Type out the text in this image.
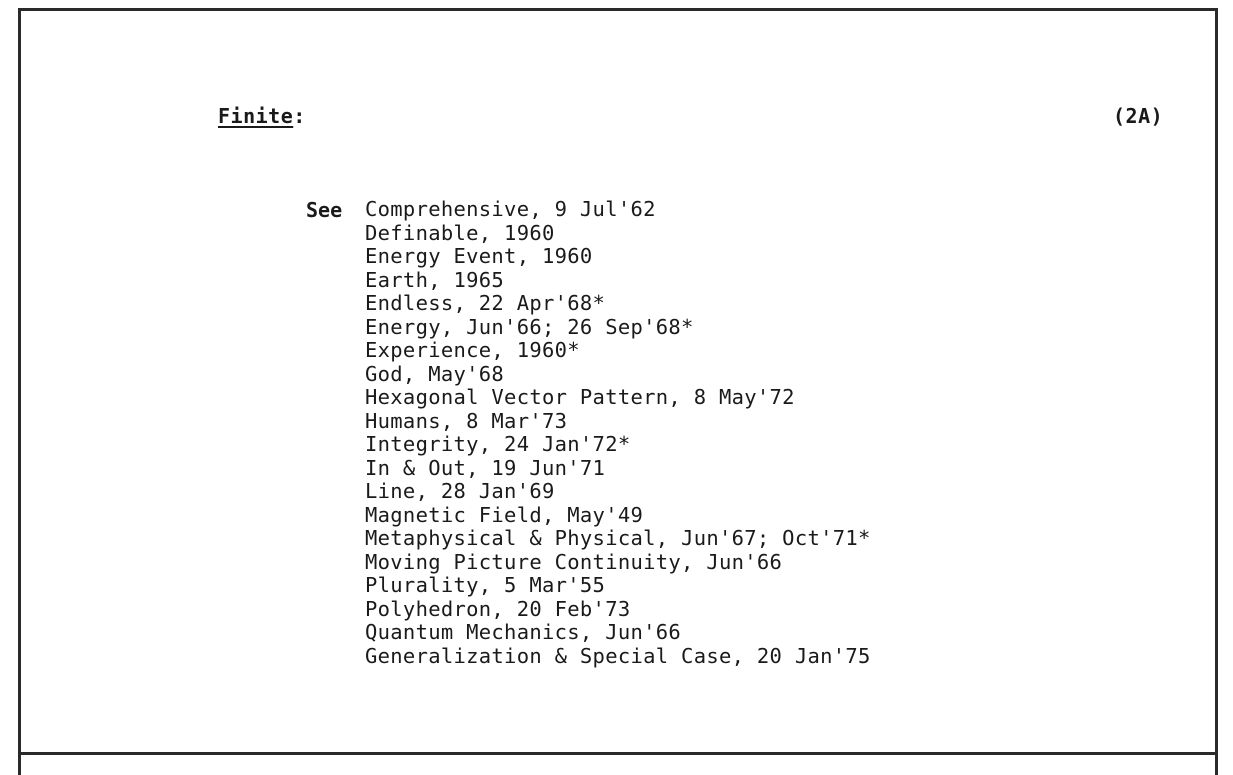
Finite:	(2A)
See Comprehensive, 9 Jul'62
Definable, 1960
Energy Event, 1960
Earth, 1965
Endless, 22 Apr'68*
Energy, Jun'66; 26 Sep'68*
Experience, 1960*
God, May'68
Hexagonal Vector Pattern, 8 May'72
Humans, 8 Mar'73
Integrity, 24 Jan'72*
In & Out, 19 Jun'71
Line, 28 Jan'69
Magnetic Field, May'49
Metaphysical & Physical, Jun'67; Oct'71*
Moving Picture Continuity, Jun'66
Plurality, 5 Mar'55
Polyhedron, 20 Feb'73
Quantum Mechanics, Jun'66
Generalization & Special Case, 20 Jan'75
